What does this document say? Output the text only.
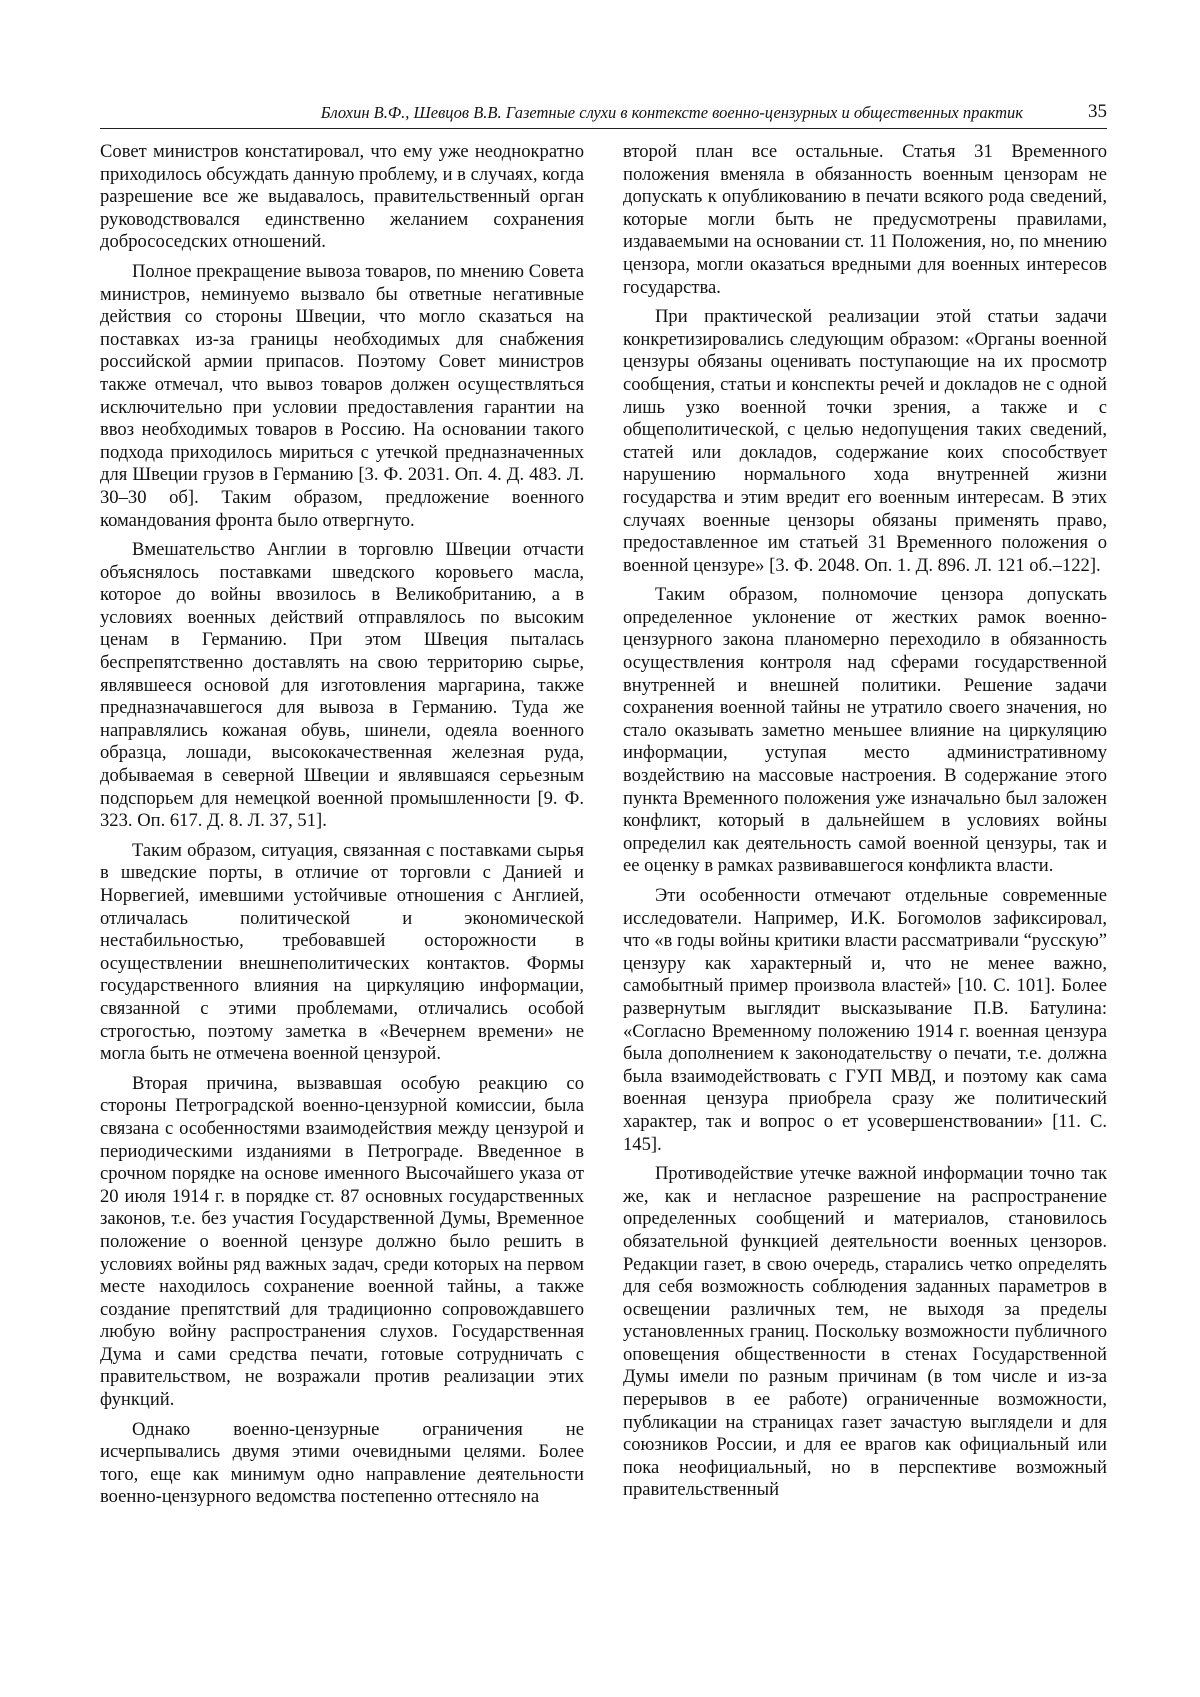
Блохин В.Ф., Шевцов В.В. Газетные слухи в контексте военно-цензурных и общественных практик	35

Совет министров констатировал, что ему уже неоднократно приходилось обсуждать данную проблему, и в случаях, когда разрешение все же выдавалось, правительственный орган руководствовался единственно желанием сохранения добрососедских отношений.

Полное прекращение вывоза товаров, по мнению Совета министров, неминуемо вызвало бы ответные негативные действия со стороны Швеции, что могло сказаться на поставках из-за границы необходимых для снабжения российской армии припасов. Поэтому Совет министров также отмечал, что вывоз товаров должен осуществляться исключительно при условии предоставления гарантии на ввоз необходимых товаров в Россию. На основании такого подхода приходилось мириться с утечкой предназначенных для Швеции грузов в Германию [3. Ф. 2031. Оп. 4. Д. 483. Л. 30–30 об]. Таким образом, предложение военного командования фронта было отвергнуто.

Вмешательство Англии в торговлю Швеции отчасти объяснялось поставками шведского коровьего масла, которое до войны ввозилось в Великобританию, а в условиях военных действий отправлялось по высоким ценам в Германию. При этом Швеция пыталась беспрепятственно доставлять на свою территорию сырье, являвшееся основой для изготовления маргарина, также предназначавшегося для вывоза в Германию. Туда же направлялись кожаная обувь, шинели, одеяла военного образца, лошади, высококачественная железная руда, добываемая в северной Швеции и являвшаяся серьезным подспорьем для немецкой военной промышленности [9. Ф. 323. Оп. 617. Д. 8. Л. 37, 51].

Таким образом, ситуация, связанная с поставками сырья в шведские порты, в отличие от торговли с Данией и Норвегией, имевшими устойчивые отношения с Англией, отличалась политической и экономической нестабильностью, требовавшей осторожности в осуществлении внешнеполитических контактов. Формы государственного влияния на циркуляцию информации, связанной с этими проблемами, отличались особой строгостью, поэтому заметка в «Вечернем времени» не могла быть не отмечена военной цензурой.

Вторая причина, вызвавшая особую реакцию со стороны Петроградской военно-цензурной комиссии, была связана с особенностями взаимодействия между цензурой и периодическими изданиями в Петрограде. Введенное в срочном порядке на основе именного Высочайшего указа от 20 июля 1914 г. в порядке ст. 87 основных государственных законов, т.е. без участия Государственной Думы, Временное положение о военной цензуре должно было решить в условиях войны ряд важных задач, среди которых на первом месте находилось сохранение военной тайны, а также создание препятствий для традиционно сопровождавшего любую войну распространения слухов. Государственная Дума и сами средства печати, готовые сотрудничать с правительством, не возражали против реализации этих функций.

Однако военно-цензурные ограничения не исчерпывались двумя этими очевидными целями. Более того, еще как минимум одно направление деятельности военно-цензурного ведомства постепенно оттесняло на

второй план все остальные. Статья 31 Временного положения вменяла в обязанность военным цензорам не допускать к опубликованию в печати всякого рода сведений, которые могли быть не предусмотрены правилами, издаваемыми на основании ст. 11 Положения, но, по мнению цензора, могли оказаться вредными для военных интересов государства.

При практической реализации этой статьи задачи конкретизировались следующим образом: «Органы военной цензуры обязаны оценивать поступающие на их просмотр сообщения, статьи и конспекты речей и докладов не с одной лишь узко военной точки зрения, а также и с общеполитической, с целью недопущения таких сведений, статей или докладов, содержание коих способствует нарушению нормального хода внутренней жизни государства и этим вредит его военным интересам. В этих случаях военные цензоры обязаны применять право, предоставленное им статьей 31 Временного положения о военной цензуре» [3. Ф. 2048. Оп. 1. Д. 896. Л. 121 об.–122].

Таким образом, полномочие цензора допускать определенное уклонение от жестких рамок военно-цензурного закона планомерно переходило в обязанность осуществления контроля над сферами государственной внутренней и внешней политики. Решение задачи сохранения военной тайны не утратило своего значения, но стало оказывать заметно меньшее влияние на циркуляцию информации, уступая место административному воздействию на массовые настроения. В содержание этого пункта Временного положения уже изначально был заложен конфликт, который в дальнейшем в условиях войны определил как деятельность самой военной цензуры, так и ее оценку в рамках развивавшегося конфликта власти.

Эти особенности отмечают отдельные современные исследователи. Например, И.К. Богомолов зафиксировал, что «в годы войны критики власти рассматривали “русскую” цензуру как характерный и, что не менее важно, самобытный пример произвола властей» [10. С. 101]. Более развернутым выглядит высказывание П.В. Батулина: «Согласно Временному положению 1914 г. военная цензура была дополнением к законодательству о печати, т.е. должна была взаимодействовать с ГУП МВД, и поэтому как сама военная цензура приобрела сразу же политический характер, так и вопрос о ет усовершенствовании» [11. С. 145].

Противодействие утечке важной информации точно так же, как и негласное разрешение на распространение определенных сообщений и материалов, становилось обязательной функцией деятельности военных цензоров. Редакции газет, в свою очередь, старались четко определять для себя возможность соблюдения заданных параметров в освещении различных тем, не выходя за пределы установленных границ. Поскольку возможности публичного оповещения общественности в стенах Государственной Думы имели по разным причинам (в том числе и из-за перерывов в ее работе) ограниченные возможности, публикации на страницах газет зачастую выглядели и для союзников России, и для ее врагов как официальный или пока неофициальный, но в перспективе возможный правительственный
